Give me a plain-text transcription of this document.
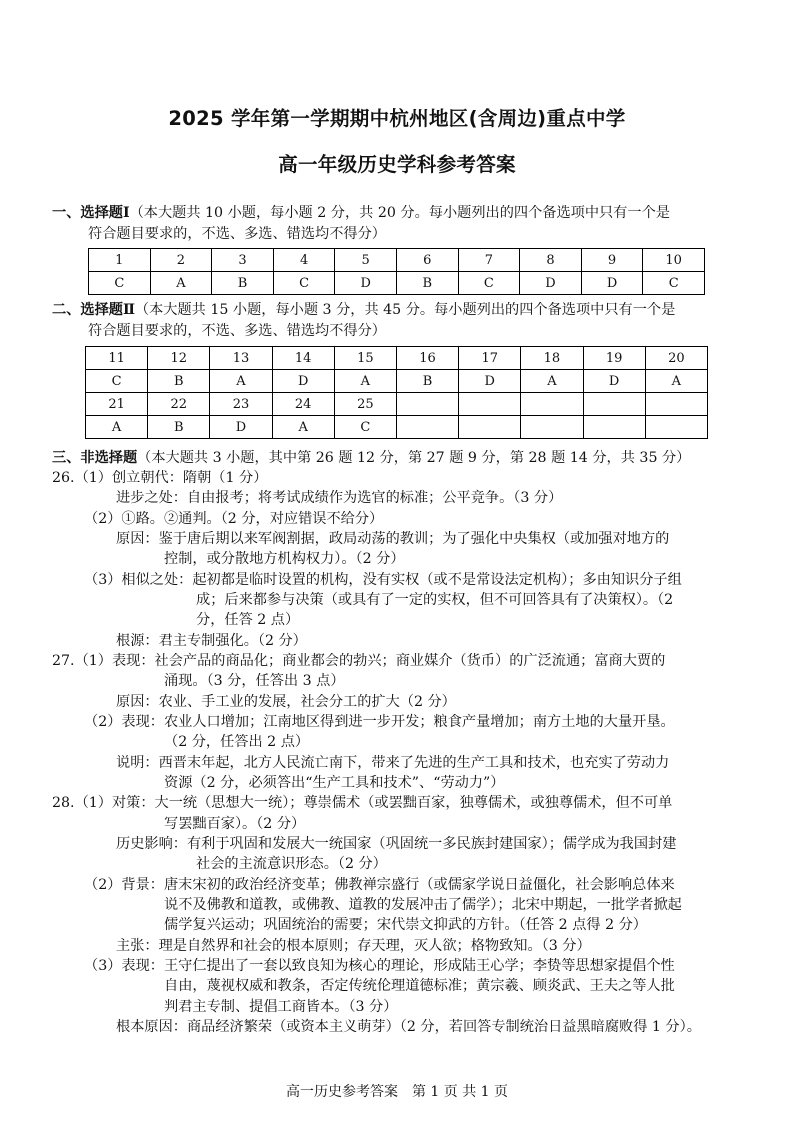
2025 学年第一学期期中杭州地区(含周边)重点中学
高一年级历史学科参考答案
一、选择题Ⅰ（本大题共 10 小题，每小题 2 分，共 20 分。每小题列出的四个备选项中只有一个是
符合题目要求的，不选、多选、错选均不得分）
1	2	3	4	5	6	7	8	9	10
C	A	B	C	D	B	C	D	D	C
二、选择题Ⅱ（本大题共 15 小题，每小题 3 分，共 45 分。每小题列出的四个备选项中只有一个是
符合题目要求的，不选、多选、错选均不得分）
11	12	13	14	15	16	17	18	19	20
C	B	A	D	A	B	D	A	D	A
21	22	23	24	25					
A	B	D	A	C					
三、非选择题（本大题共 3 小题，其中第 26 题 12 分，第 27 题 9 分，第 28 题 14 分，共 35 分）
26.（1）创立朝代：隋朝（1 分）
进步之处：自由报考；将考试成绩作为选官的标准；公平竞争。（3 分）
（2）①路。②通判。（2 分，对应错误不给分）
原因：鉴于唐后期以来军阀割据，政局动荡的教训；为了强化中央集权（或加强对地方的
控制，或分散地方机构权力）。（2 分）
（3）相似之处：起初都是临时设置的机构，没有实权（或不是常设法定机构）；多由知识分子组
成；后来都参与决策（或具有了一定的实权，但不可回答具有了决策权）。（2
分，任答 2 点）
根源：君主专制强化。（2 分）
27.（1）表现：社会产品的商品化；商业都会的勃兴；商业媒介（货币）的广泛流通；富商大贾的
涌现。（3 分，任答出 3 点）
原因：农业、手工业的发展，社会分工的扩大（2 分）
（2）表现：农业人口增加；江南地区得到进一步开发；粮食产量增加；南方土地的大量开垦。
（2 分，任答出 2 点）
说明：西晋末年起，北方人民流亡南下，带来了先进的生产工具和技术，也充实了劳动力
资源（2 分，必须答出“生产工具和技术”、“劳动力”）
28.（1）对策：大一统（思想大一统）；尊崇儒术（或罢黜百家，独尊儒术，或独尊儒术，但不可单
写罢黜百家）。（2 分）
历史影响：有利于巩固和发展大一统国家（巩固统一多民族封建国家）；儒学成为我国封建
社会的主流意识形态。（2 分）
（2）背景：唐末宋初的政治经济变革；佛教禅宗盛行（或儒家学说日益僵化，社会影响总体来
说不及佛教和道教，或佛教、道教的发展冲击了儒学）；北宋中期起，一批学者掀起
儒学复兴运动；巩固统治的需要；宋代崇文抑武的方针。（任答 2 点得 2 分）
主张：理是自然界和社会的根本原则；存天理，灭人欲；格物致知。（3 分）
（3）表现：王守仁提出了一套以致良知为核心的理论，形成陆王心学；李贽等思想家提倡个性
自由，蔑视权威和教条，否定传统伦理道德标准；黄宗羲、顾炎武、王夫之等人批
判君主专制、提倡工商皆本。（3 分）
根本原因：商品经济繁荣（或资本主义萌芽）（2 分，若回答专制统治日益黑暗腐败得 1 分）。
高一历史参考答案　第 1 页 共 1 页
